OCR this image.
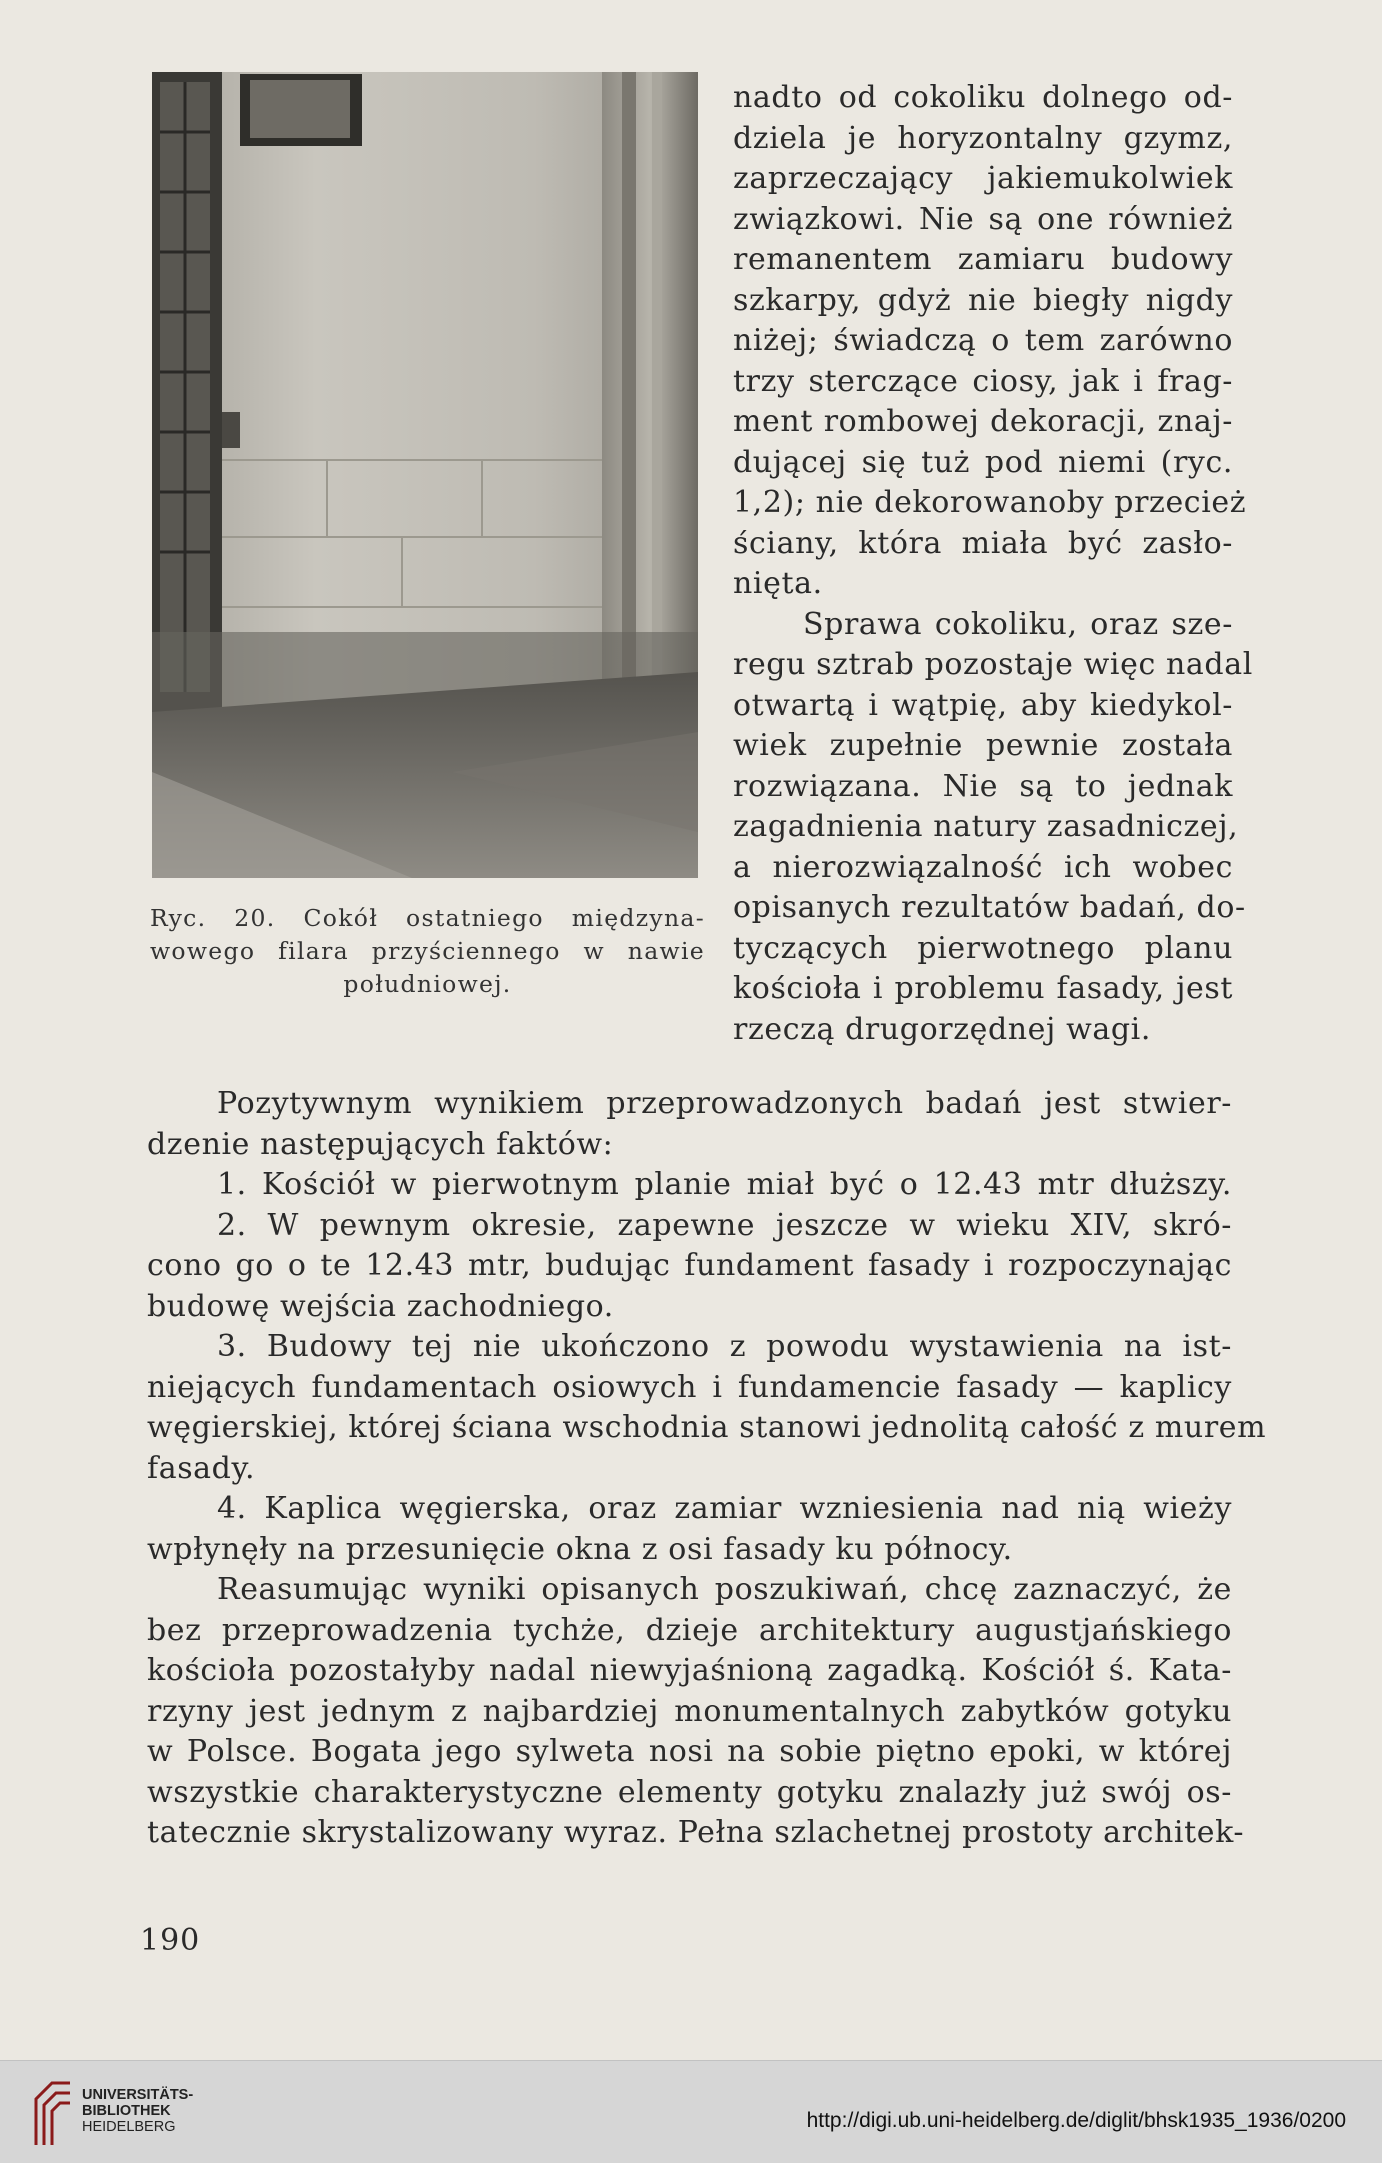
Ryc. 20. Cokół ostatniego międzyna-
wowego filara przyściennego w nawie
południowej.
nadto od cokoliku dolnego od-
dziela je horyzontalny gzymz,
zaprzeczający jakiemukolwiek
związkowi. Nie są one również
remanentem zamiaru budowy
szkarpy, gdyż nie biegły nigdy
niżej; świadczą o tem zarówno
trzy sterczące ciosy, jak i frag-
ment rombowej dekoracji, znaj-
dującej się tuż pod niemi (ryc.
1,2); nie dekorowanoby przecież
ściany, która miała być zasło-
nięta.
Sprawa cokoliku, oraz sze-
regu sztrab pozostaje więc nadal
otwartą i wątpię, aby kiedykol-
wiek zupełnie pewnie została
rozwiązana. Nie są to jednak
zagadnienia natury zasadniczej,
a nierozwiązalność ich wobec
opisanych rezultatów badań, do-
tyczących pierwotnego planu
kościoła i problemu fasady, jest
rzeczą drugorzędnej wagi.
Pozytywnym wynikiem przeprowadzonych badań jest stwier-
dzenie następujących faktów:
1. Kościół w pierwotnym planie miał być o 12.43 mtr dłuższy.
2. W pewnym okresie, zapewne jeszcze w wieku XIV, skró-
cono go o te 12.43 mtr, budując fundament fasady i rozpoczynając
budowę wejścia zachodniego.
3. Budowy tej nie ukończono z powodu wystawienia na ist-
niejących fundamentach osiowych i fundamencie fasady — kaplicy
węgierskiej, której ściana wschodnia stanowi jednolitą całość z murem
fasady.
4. Kaplica węgierska, oraz zamiar wzniesienia nad nią wieży
wpłynęły na przesunięcie okna z osi fasady ku północy.
Reasumując wyniki opisanych poszukiwań, chcę zaznaczyć, że
bez przeprowadzenia tychże, dzieje architektury augustjańskiego
kościoła pozostałyby nadal niewyjaśnioną zagadką. Kościół ś. Kata-
rzyny jest jednym z najbardziej monumentalnych zabytków gotyku
w Polsce. Bogata jego sylweta nosi na sobie piętno epoki, w której
wszystkie charakterystyczne elementy gotyku znalazły już swój os-
tatecznie skrystalizowany wyraz. Pełna szlachetnej prostoty architek-
190
UNIVERSITÄTS-
BIBLIOTHEK
HEIDELBERG	http://digi.ub.uni-heidelberg.de/diglit/bhsk1935_1936/0200
